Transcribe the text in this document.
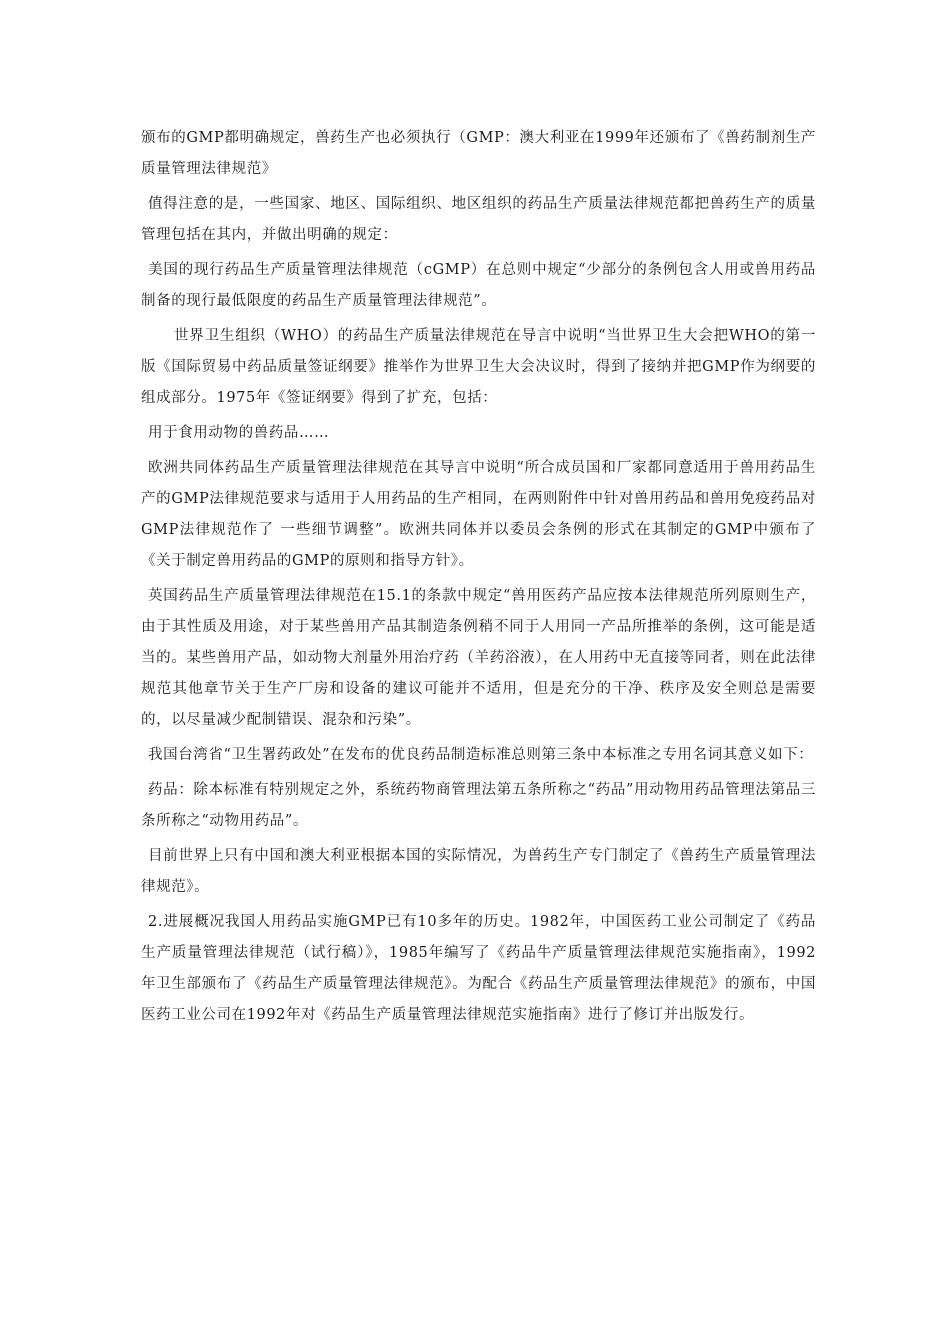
颁布的GMP都明确规定，兽药生产也必须执行（GMP：澳大利亚在1999年还颁布了《兽药制剂生产质量管理法律规范》

值得注意的是，一些国家、地区、国际组织、地区组织的药品生产质量法律规范都把兽药生产的质量管理包括在其内，并做出明确的规定：

美国的现行药品生产质量管理法律规范（cGMP）在总则中规定“少部分的条例包含人用或兽用药品制备的现行最低限度的药品生产质量管理法律规范”。

世界卫生组织（WHO）的药品生产质量法律规范在导言中说明“当世界卫生大会把WHO的第一版《国际贸易中药品质量签证纲要》推举作为世界卫生大会决议时，得到了接纳并把GMP作为纲要的组成部分。1975年《签证纲要》得到了扩充，包括：

用于食用动物的兽药品……

欧洲共同体药品生产质量管理法律规范在其导言中说明“所合成员国和厂家都同意适用于兽用药品生产的GMP法律规范要求与适用于人用药品的生产相同，在两则附件中针对兽用药品和兽用免疫药品对GMP法律规范作了 一些细节调整”。欧洲共同体并以委员会条例的形式在其制定的GMP中颁布了《关于制定兽用药品的GMP的原则和指导方针》。

英国药品生产质量管理法律规范在15.1的条款中规定“兽用医药产品应按本法律规范所列原则生产，由于其性质及用途，对于某些兽用产品其制造条例稍不同于人用同一产品所推举的条例，这可能是适当的。某些兽用产品，如动物大剂量外用治疗药（羊药浴液），在人用药中无直接等同者，则在此法律规范其他章节关于生产厂房和设备的建议可能并不适用，但是充分的干净、秩序及安全则总是需要的，以尽量减少配制错误、混杂和污染”。

我国台湾省“卫生署药政处”在发布的优良药品制造标准总则第三条中本标准之专用名词其意义如下：

药品：除本标准有特别规定之外，系统药物商管理法第五条所称之“药品”用动物用药品管理法第品三条所称之“动物用药品”。

目前世界上只有中国和澳大利亚根据本国的实际情况，为兽药生产专门制定了《兽药生产质量管理法律规范》。

2.进展概况我国人用药品实施GMP已有10多年的历史。1982年，中国医药工业公司制定了《药品生产质量管理法律规范（试行稿）》，1985年编写了《药品牛产质量管理法律规范实施指南》，1992年卫生部颁布了《药品生产质量管理法律规范》。为配合《药品生产质量管理法律规范》的颁布，中国医药工业公司在1992年对《药品生产质量管理法律规范实施指南》进行了修订并出版发行。
